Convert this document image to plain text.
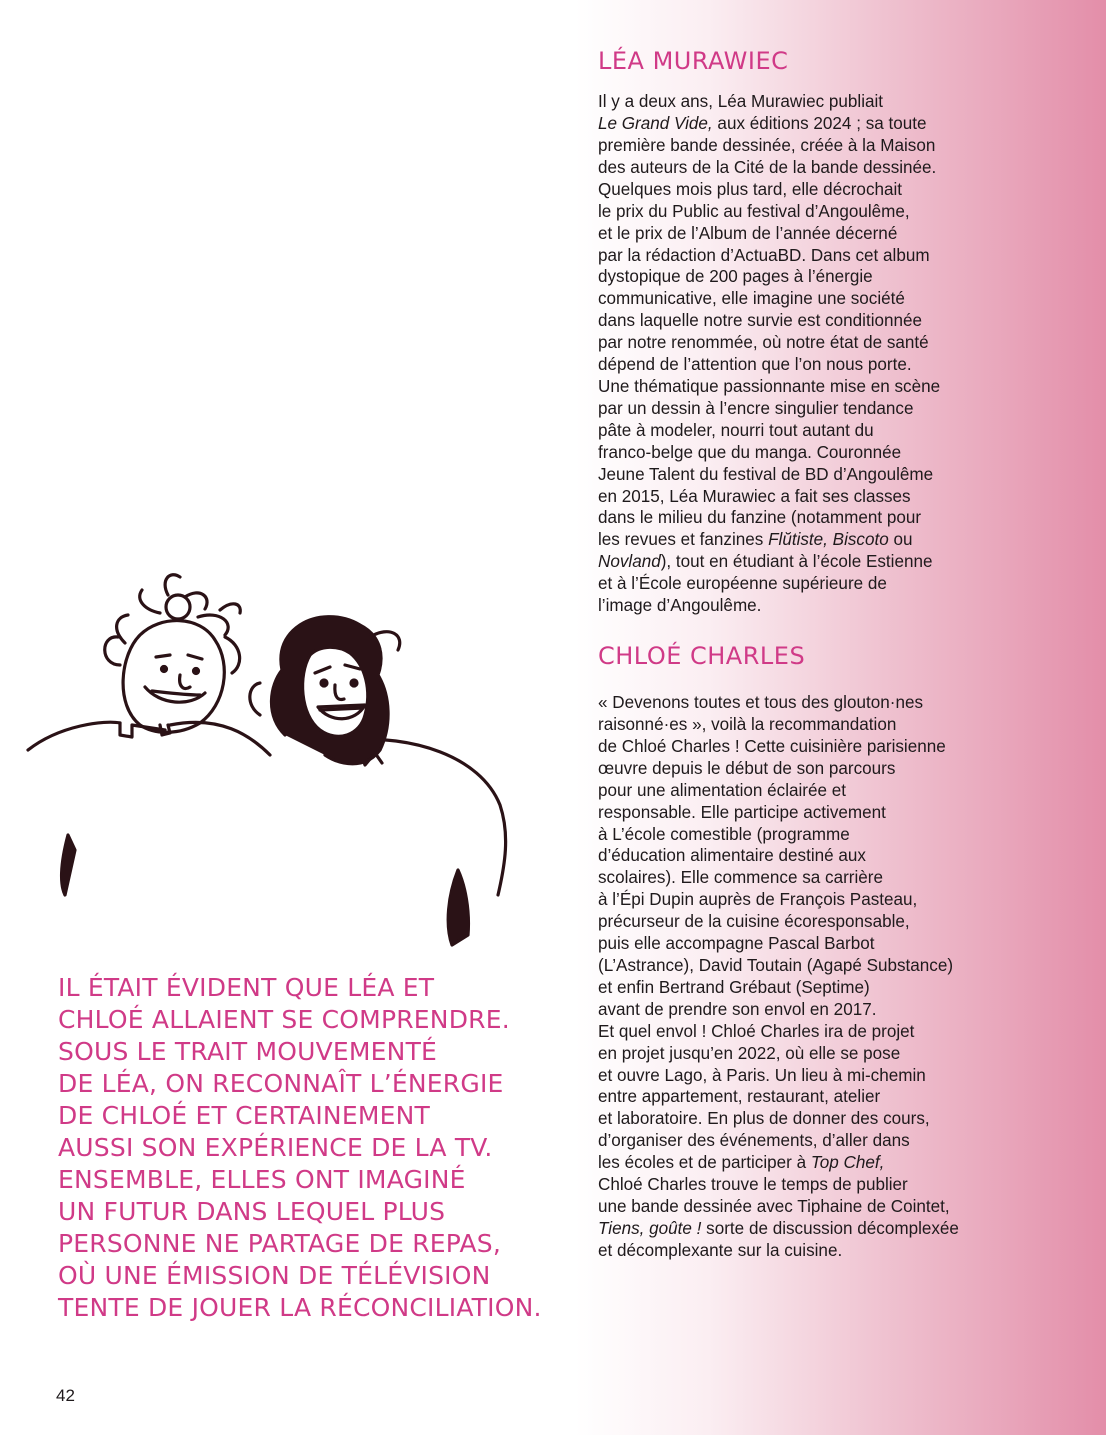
LÉA MURAWIEC

Il y a deux ans, Léa Murawiec publiait
Le Grand Vide, aux éditions 2024 ; sa toute
première bande dessinée, créée à la Maison
des auteurs de la Cité de la bande dessinée.
Quelques mois plus tard, elle décrochait
le prix du Public au festival d’Angoulême,
et le prix de l’Album de l’année décerné
par la rédaction d’ActuaBD. Dans cet album
dystopique de 200 pages à l’énergie
communicative, elle imagine une société
dans laquelle notre survie est conditionnée
par notre renommée, où notre état de santé
dépend de l’attention que l’on nous porte.
Une thématique passionnante mise en scène
par un dessin à l’encre singulier tendance
pâte à modeler, nourri tout autant du
franco-belge que du manga. Couronnée
Jeune Talent du festival de BD d’Angoulême
en 2015, Léa Murawiec a fait ses classes
dans le milieu du fanzine (notamment pour
les revues et fanzines Flŭtiste, Biscoto ou
Novland), tout en étudiant à l’école Estienne
et à l’École européenne supérieure de
l’image d’Angoulême.

CHLOÉ CHARLES

« Devenons toutes et tous des glouton·nes
raisonné·es », voilà la recommandation
de Chloé Charles ! Cette cuisinière parisienne
œuvre depuis le début de son parcours
pour une alimentation éclairée et
responsable. Elle participe activement
à L’école comestible (programme
d’éducation alimentaire destiné aux
scolaires). Elle commence sa carrière
à l’Épi Dupin auprès de François Pasteau,
précurseur de la cuisine écoresponsable,
puis elle accompagne Pascal Barbot
(L’Astrance), David Toutain (Agapé Substance)
et enfin Bertrand Grébaut (Septime)
avant de prendre son envol en 2017.
Et quel envol ! Chloé Charles ira de projet
en projet jusqu’en 2022, où elle se pose
et ouvre Lago, à Paris. Un lieu à mi-chemin
entre appartement, restaurant, atelier
et laboratoire. En plus de donner des cours,
d’organiser des événements, d’aller dans
les écoles et de participer à Top Chef,
Chloé Charles trouve le temps de publier
une bande dessinée avec Tiphaine de Cointet,
Tiens, goûte ! sorte de discussion décomplexée
et décomplexante sur la cuisine.

IL ÉTAIT ÉVIDENT QUE LÉA ET
CHLOÉ ALLAIENT SE COMPRENDRE.
SOUS LE TRAIT MOUVEMENTÉ
DE LÉA, ON RECONNAÎT L’ÉNERGIE
DE CHLOÉ ET CERTAINEMENT
AUSSI SON EXPÉRIENCE DE LA TV.
ENSEMBLE, ELLES ONT IMAGINÉ
UN FUTUR DANS LEQUEL PLUS
PERSONNE NE PARTAGE DE REPAS,
OÙ UNE ÉMISSION DE TÉLÉVISION
TENTE DE JOUER LA RÉCONCILIATION.

42
